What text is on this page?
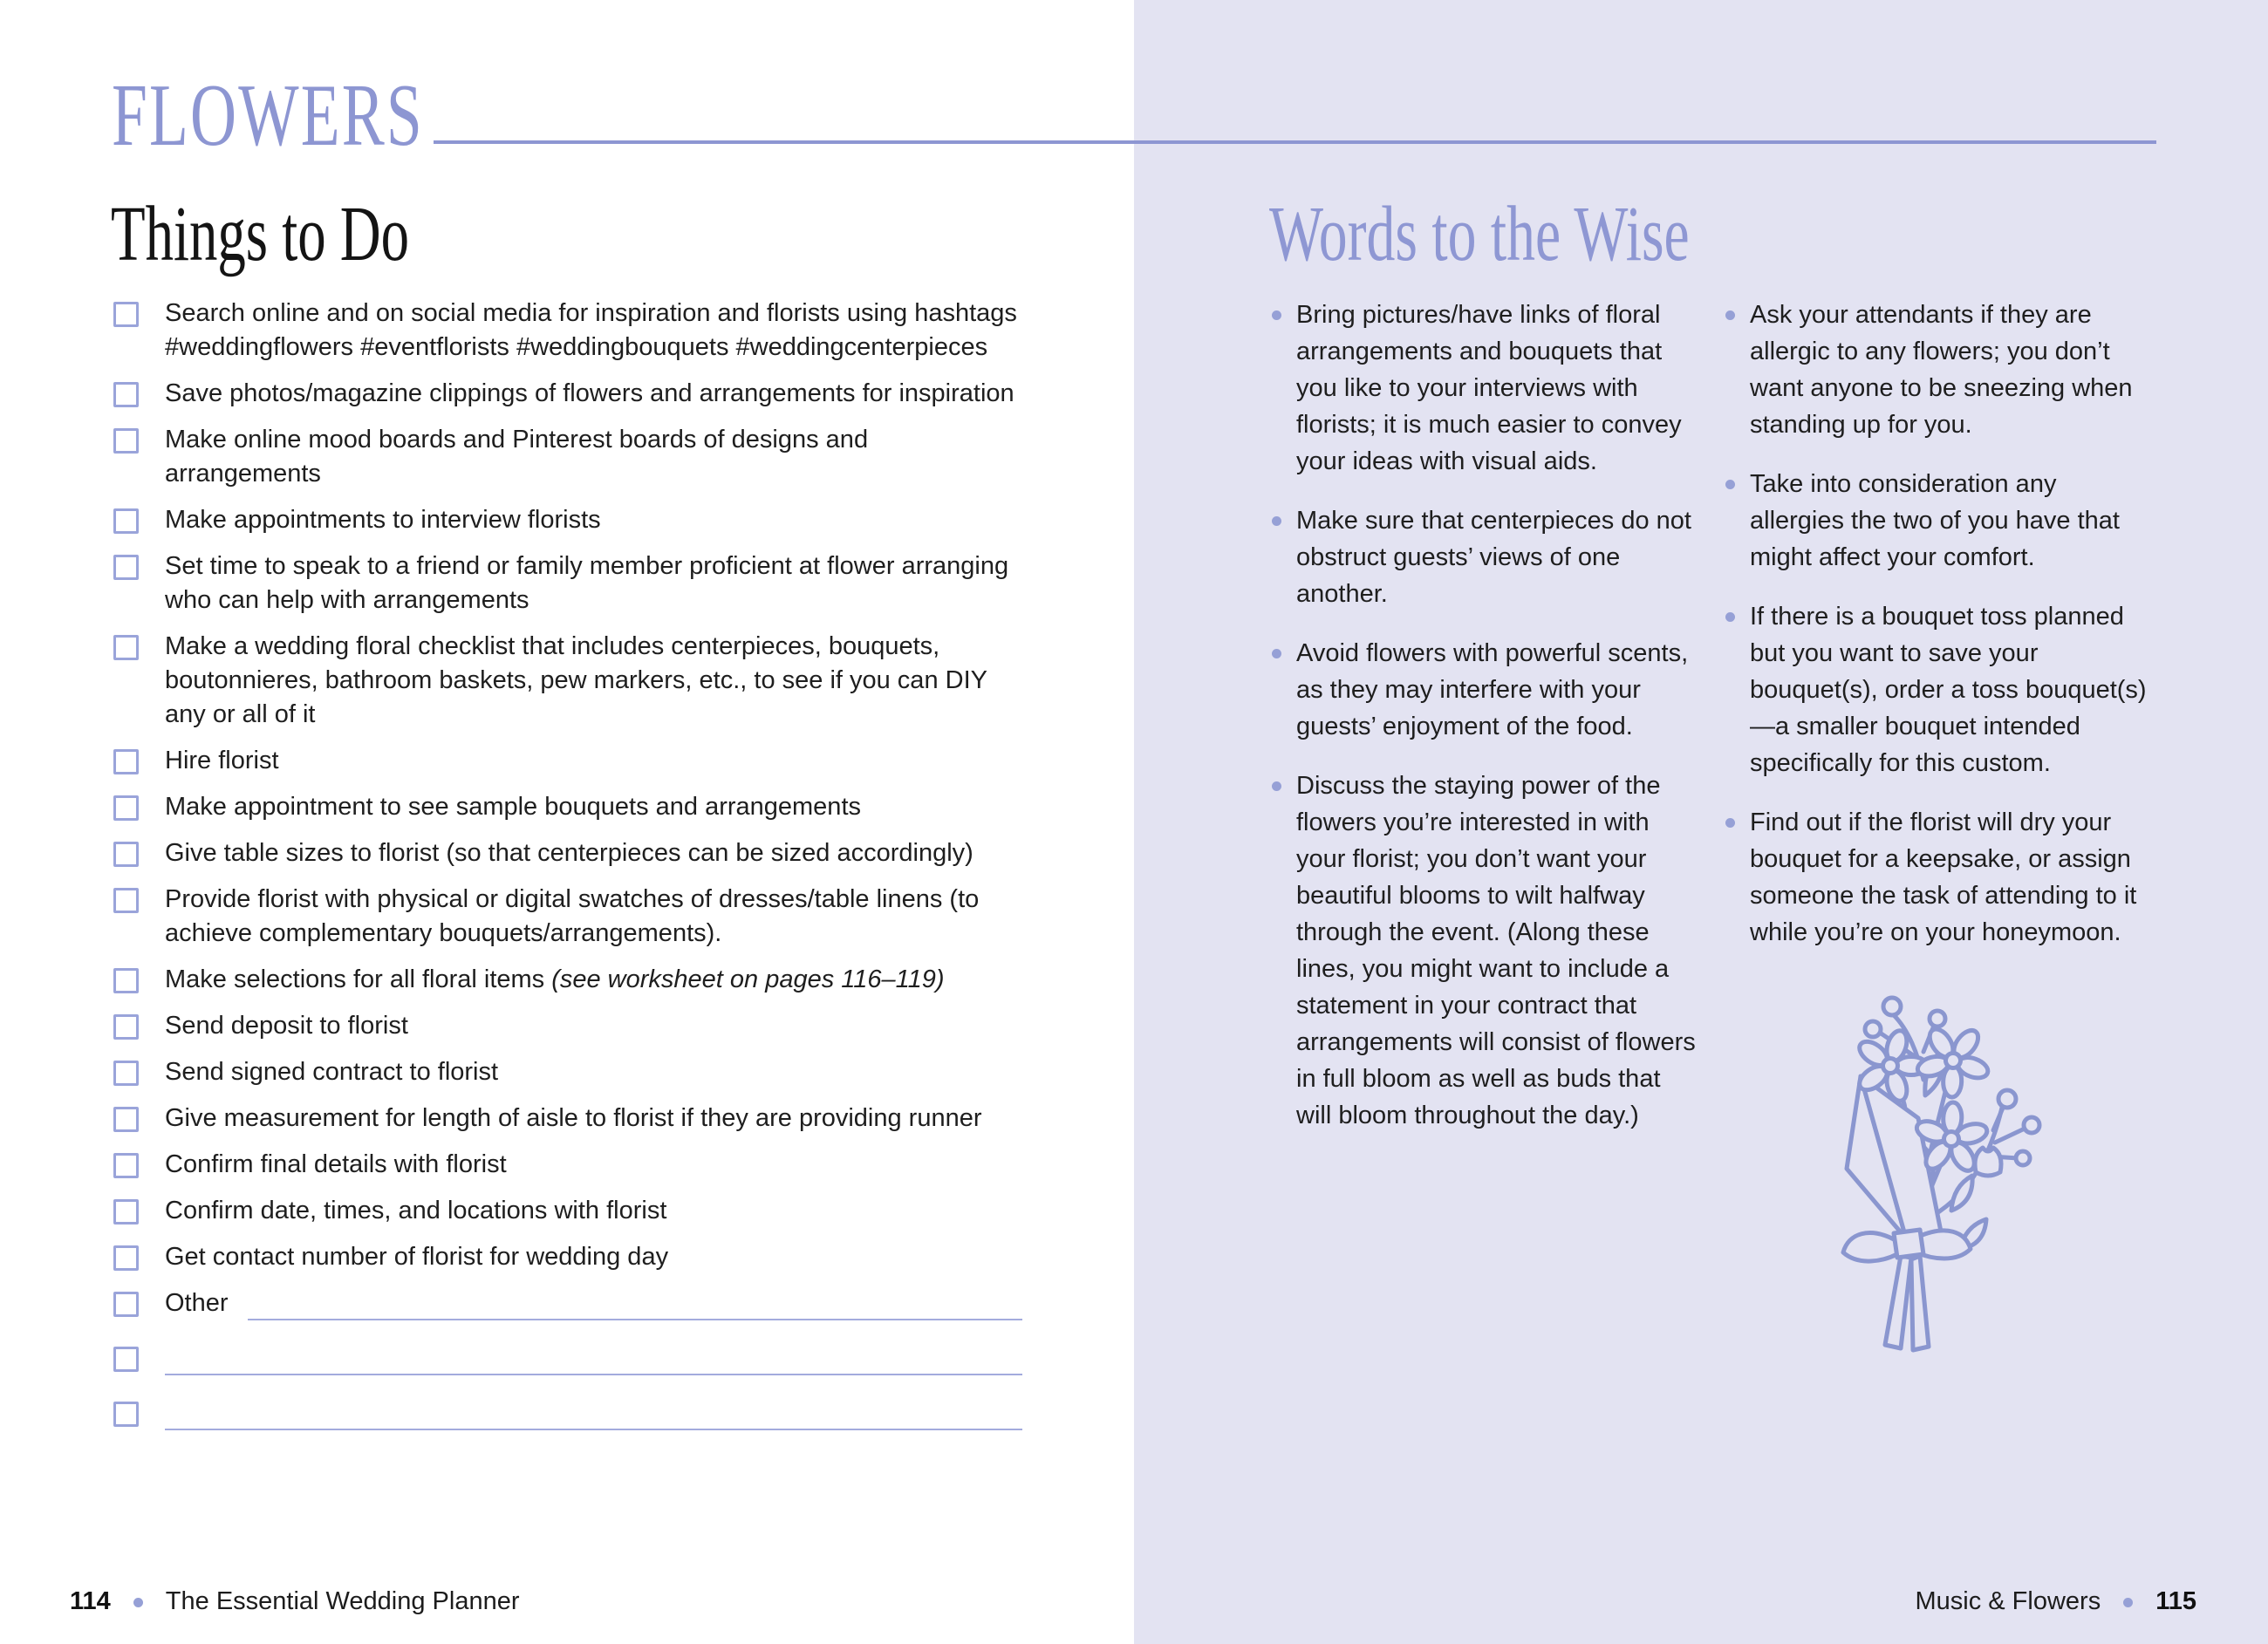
FLOWERS
Things to Do
Search online and on social media for inspiration and florists using hashtags #weddingflowers #eventflorists #weddingbouquets #weddingcenterpieces
Save photos/magazine clippings of flowers and arrangements for inspiration
Make online mood boards and Pinterest boards of designs and arrangements
Make appointments to interview florists
Set time to speak to a friend or family member proficient at flower arranging who can help with arrangements
Make a wedding floral checklist that includes centerpieces, bouquets, boutonnieres, bathroom baskets, pew markers, etc., to see if you can DIY any or all of it
Hire florist
Make appointment to see sample bouquets and arrangements
Give table sizes to florist (so that centerpieces can be sized accordingly)
Provide florist with physical or digital swatches of dresses/table linens (to achieve complementary bouquets/arrangements).
Make selections for all floral items (see worksheet on pages 116–119)
Send deposit to florist
Send signed contract to florist
Give measurement for length of aisle to florist if they are providing runner
Confirm final details with florist
Confirm date, times, and locations with florist
Get contact number of florist for wedding day
Other
Words to the Wise

Bring pictures/have links of floral arrangements and bouquets that you like to your interviews with florists; it is much easier to convey your ideas with visual aids.

Make sure that centerpieces do not obstruct guests’ views of one another.

Avoid flowers with powerful scents, as they may interfere with your guests’ enjoyment of the food.

Discuss the staying power of the flowers you’re interested in with your florist; you don’t want your beautiful blooms to wilt halfway through the event. (Along these lines, you might want to include a statement in your contract that arrangements will consist of flowers in full bloom as well as buds that will bloom throughout the day.)

Ask your attendants if they are allergic to any flowers; you don’t want anyone to be sneezing when standing up for you.

Take into consideration any allergies the two of you have that might affect your comfort.

If there is a bouquet toss planned but you want to save your bouquet(s), order a toss bouquet(s)—a smaller bouquet intended specifically for this custom.

Find out if the florist will dry your bouquet for a keepsake, or assign someone the task of attending to it while you’re on your honeymoon.

114 The Essential Wedding Planner	Music & Flowers 115
